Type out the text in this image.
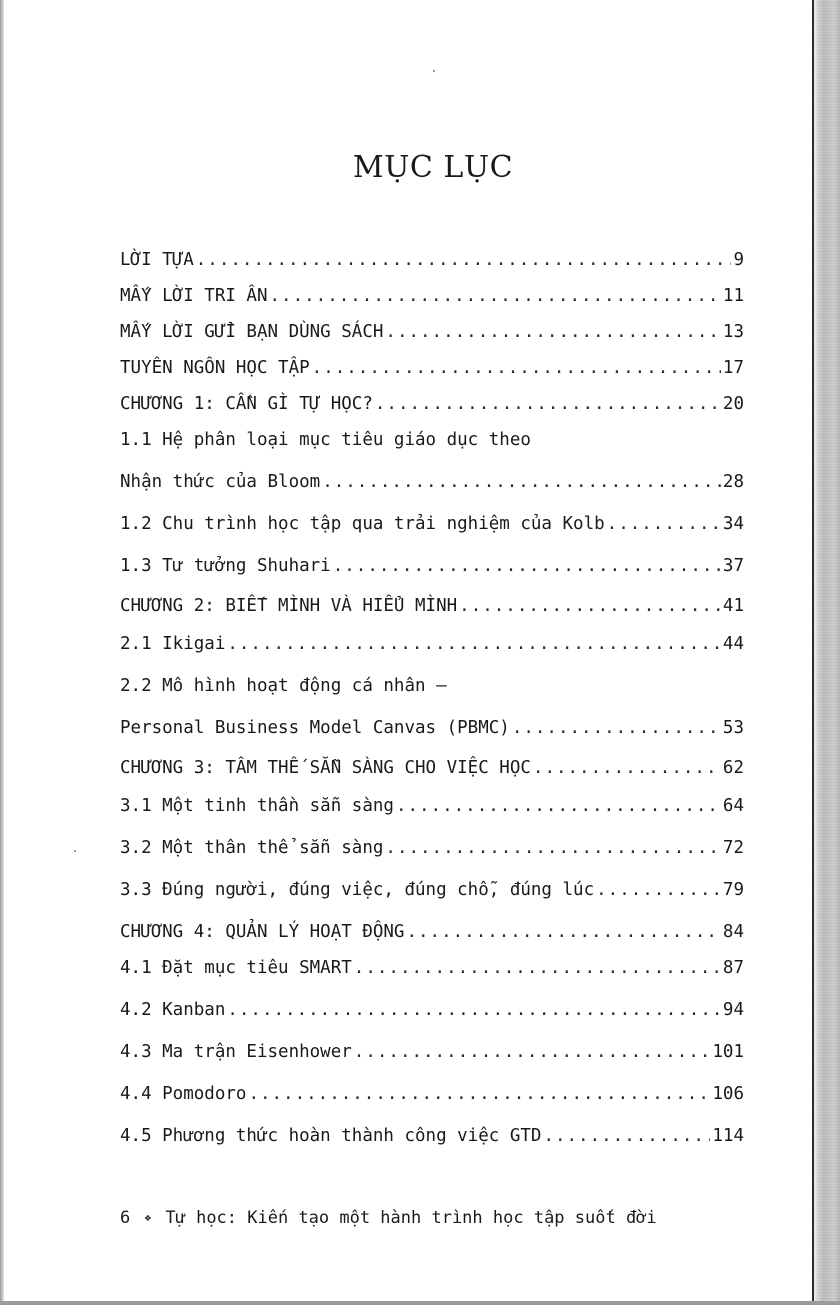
MỤC LỤC
LỜI TỰA .....	9
MẤY LỜI TRI ÂN .....	11
MẤY LỜI GỬI BẠN DÙNG SÁCH .....	13
TUYÊN NGÔN HỌC TẬP .....	17
CHƯƠNG 1: CẦN GÌ TỰ HỌC? .....	20
1.1 Hệ phân loại mục tiêu giáo dục theo
Nhận thức của Bloom .....	28
1.2 Chu trình học tập qua trải nghiệm của Kolb .....	34
1.3 Tư tưởng Shuhari .....	37
CHƯƠNG 2: BIẾT MÌNH VÀ HIỂU MÌNH .....	41
2.1 Ikigai .....	44
2.2 Mô hình hoạt động cá nhân –
Personal Business Model Canvas (PBMC) .....	53
CHƯƠNG 3: TÂM THẾ SẴN SÀNG CHO VIỆC HỌC .....	62
3.1 Một tinh thần sẵn sàng .....	64
3.2 Một thân thể sẵn sàng .....	72
3.3 Đúng người, đúng việc, đúng chỗ, đúng lúc .....	79
CHƯƠNG 4: QUẢN LÝ HOẠT ĐỘNG .....	84
4.1 Đặt mục tiêu SMART .....	87
4.2 Kanban .....	94
4.3 Ma trận Eisenhower .....	101
4.4 Pomodoro .....	106
4.5 Phương thức hoàn thành công việc GTD .....	114
6 ❖ Tự học: Kiến tạo một hành trình học tập suốt đời
